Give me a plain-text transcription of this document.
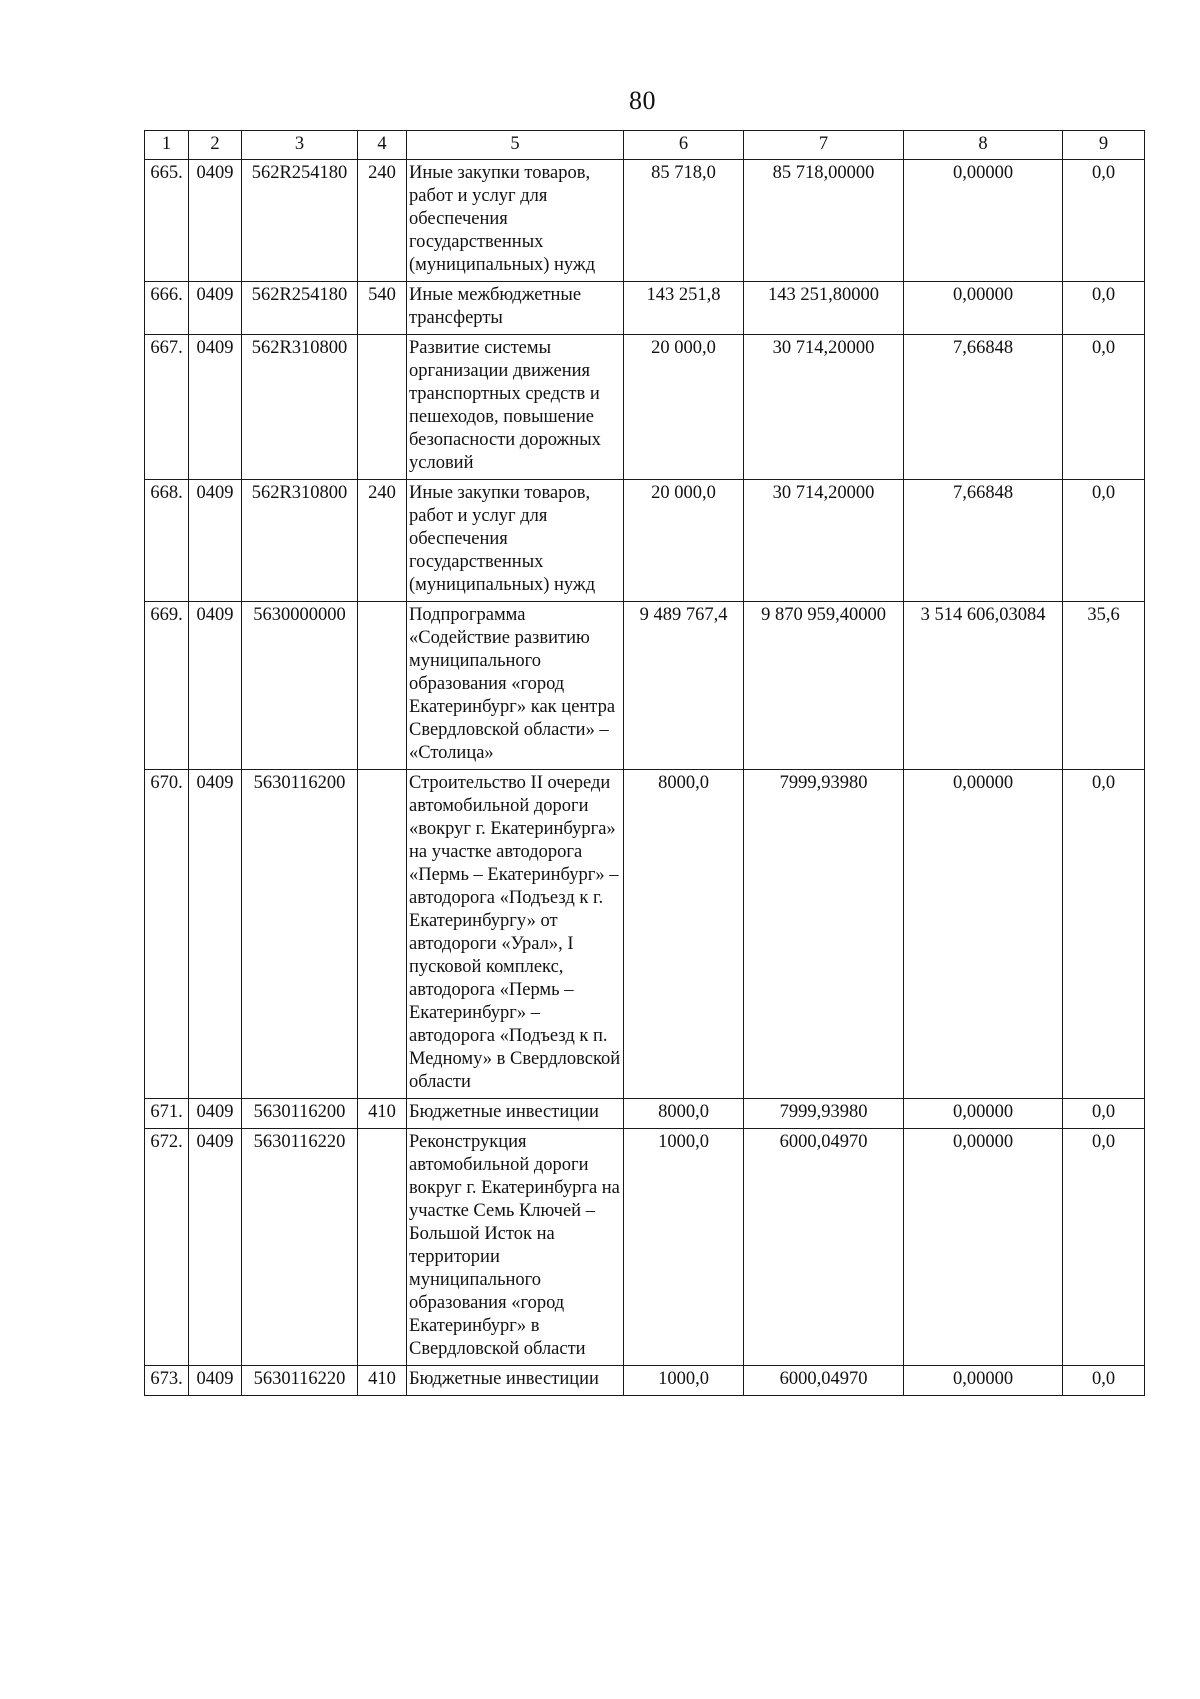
80
1	2	3	4	5	6	7	8	9
665.	0409	562R254180	240	Иные закупки товаров, работ и услуг для обеспечения государственных (муниципальных) нужд	85 718,0	85 718,00000	0,00000	0,0
666.	0409	562R254180	540	Иные межбюджетные трансферты	143 251,8	143 251,80000	0,00000	0,0
667.	0409	562R310800		Развитие системы организации движения транспортных средств и пешеходов, повышение безопасности дорожных условий	20 000,0	30 714,20000	7,66848	0,0
668.	0409	562R310800	240	Иные закупки товаров, работ и услуг для обеспечения государственных (муниципальных) нужд	20 000,0	30 714,20000	7,66848	0,0
669.	0409	5630000000		Подпрограмма «Содействие развитию муниципального образования «город Екатеринбург» как центра Свердловской области» – «Столица»	9 489 767,4	9 870 959,40000	3 514 606,03084	35,6
670.	0409	5630116200		Строительство II очереди автомобильной дороги «вокруг г. Екатеринбурга» на участке автодорога «Пермь – Екатеринбург» – автодорога «Подъезд к г. Екатеринбургу» от автодороги «Урал», I пусковой комплекс, автодорога «Пермь – Екатеринбург» – автодорога «Подъезд к п. Медному» в Свердловской области	8000,0	7999,93980	0,00000	0,0
671.	0409	5630116200	410	Бюджетные инвестиции	8000,0	7999,93980	0,00000	0,0
672.	0409	5630116220		Реконструкция автомобильной дороги вокруг г. Екатеринбурга на участке Семь Ключей – Большой Исток на территории муниципального образования «город Екатеринбург» в Свердловской области	1000,0	6000,04970	0,00000	0,0
673.	0409	5630116220	410	Бюджетные инвестиции	1000,0	6000,04970	0,00000	0,0
